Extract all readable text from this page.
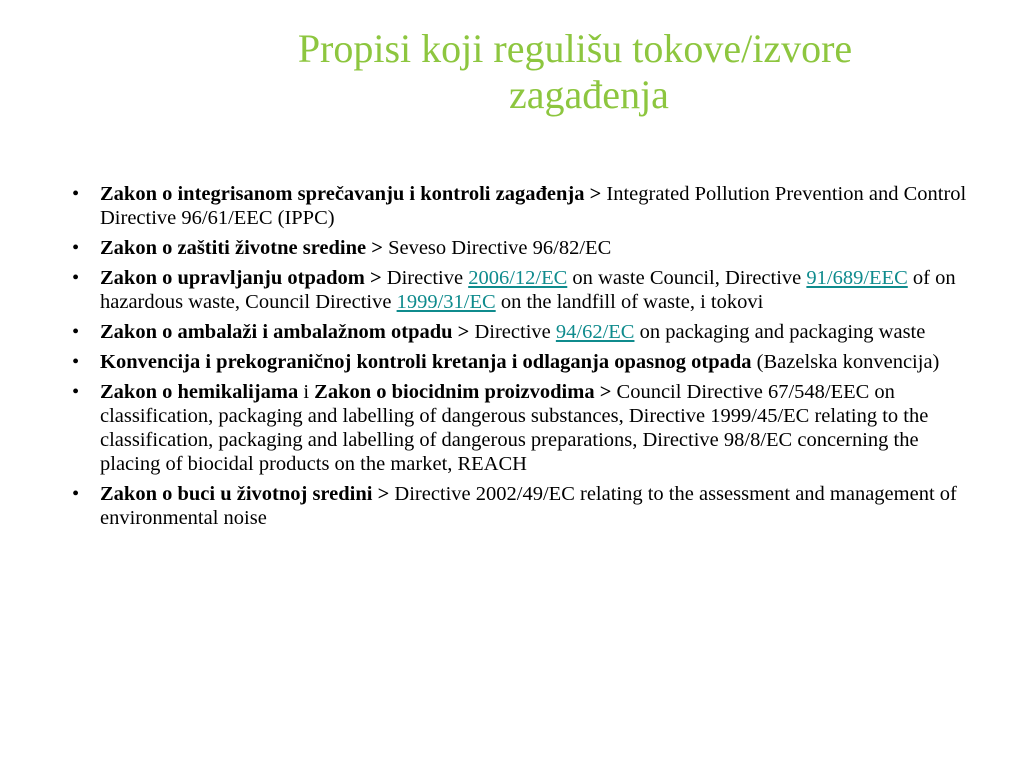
Propisi koji regulišu tokove/izvore
zagađenja
•	Zakon o integrisanom sprečavanju i kontroli zagađenja > Integrated Pollution Prevention and Control Directive 96/61/EEC (IPPC)
•	Zakon o zaštiti životne sredine > Seveso Directive 96/82/EC
•	Zakon o upravljanju otpadom > Directive 2006/12/EC on waste Council, Directive 91/689/EEC of on hazardous waste, Council Directive 1999/31/EC on the landfill of waste, i tokovi
•	Zakon o ambalaži i ambalažnom otpadu > Directive 94/62/EC on packaging and packaging waste
•	Konvencija i prekograničnoj kontroli kretanja i odlaganja opasnog otpada (Bazelska konvencija)
•	Zakon o hemikalijama i Zakon o biocidnim proizvodima > Council Directive 67/548/EEC on classification, packaging and labelling of dangerous substances, Directive 1999/45/EC relating to the classification, packaging and labelling of dangerous preparations, Directive 98/8/EC concerning the placing of biocidal products on the market, REACH
•	Zakon o buci u životnoj sredini > Directive 2002/49/EC relating to the assessment and management of environmental noise
